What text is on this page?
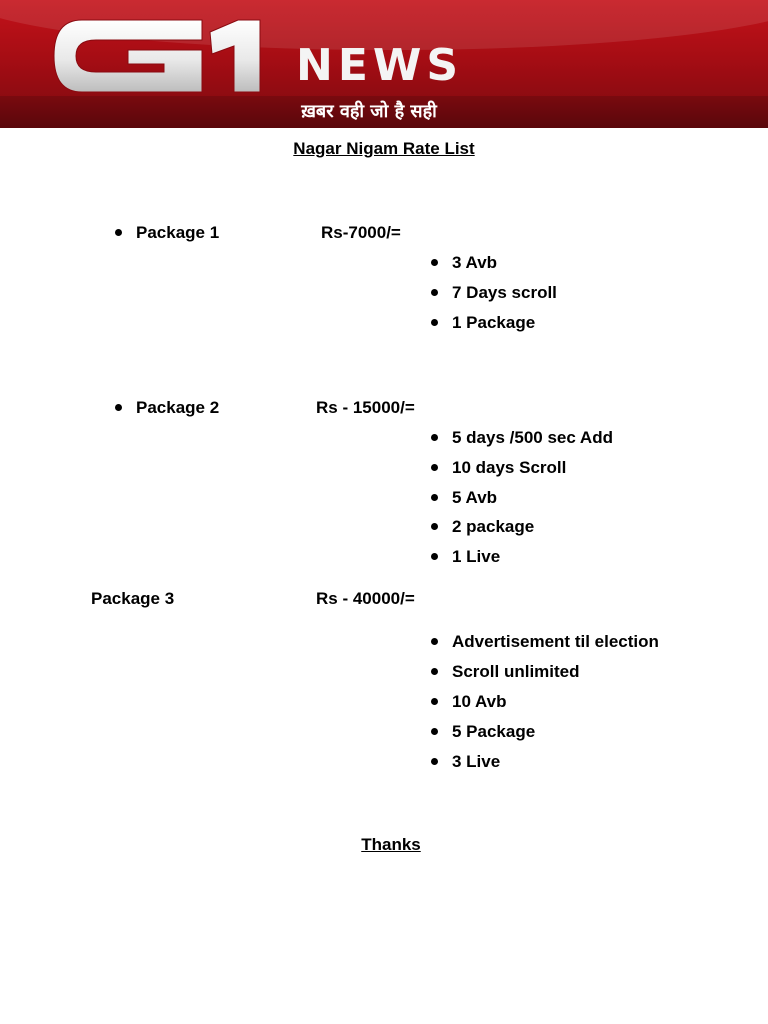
NEWS
ख़बर वही जो है सही
Nagar Nigam Rate List
Package 1	Rs-7000/=
3 Avb
7 Days scroll
1 Package
Package 2	Rs - 15000/=
5 days /500 sec Add
10 days Scroll
5 Avb
2 package
1 Live
Package 3	Rs - 40000/=
Advertisement til election
Scroll unlimited
10 Avb
5 Package
3 Live
Thanks
